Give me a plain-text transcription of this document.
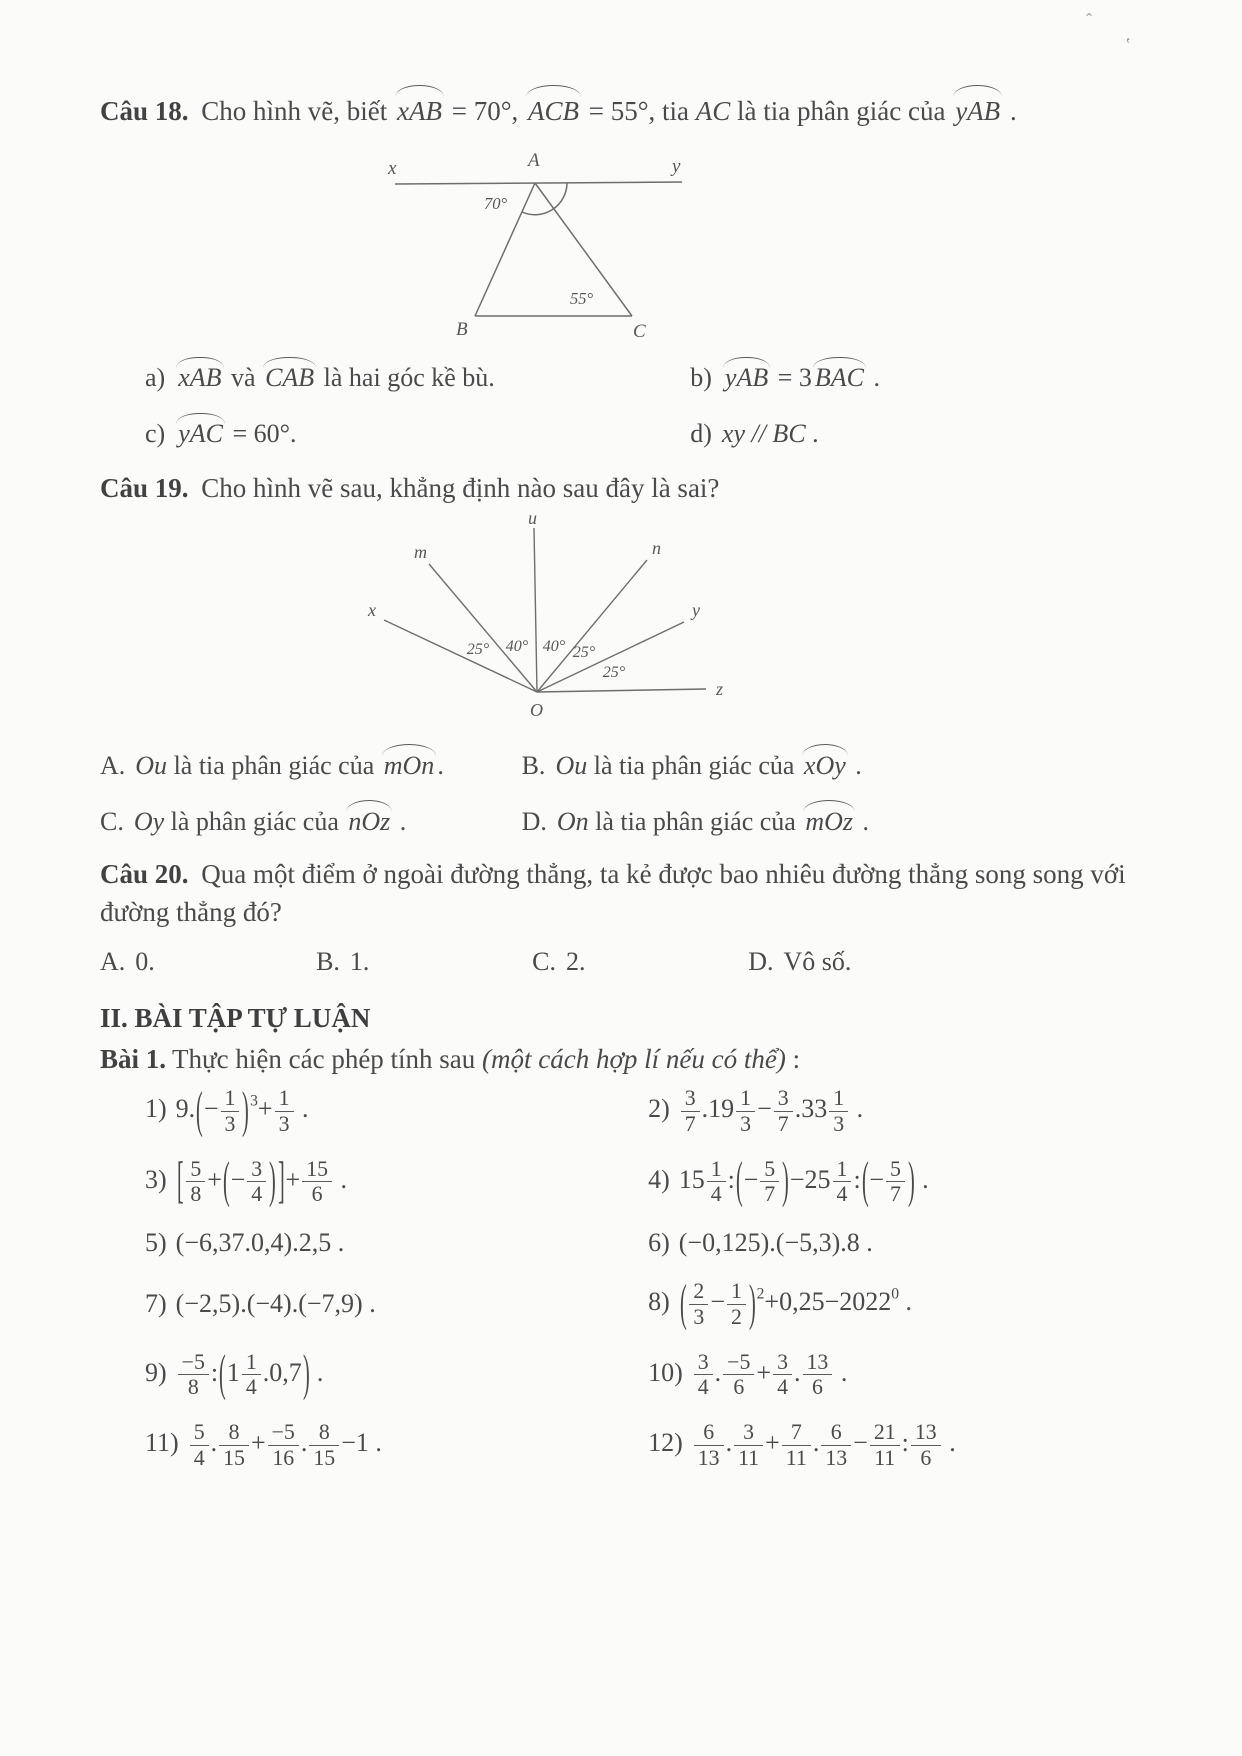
ˆ
ʽ

Câu 18. Cho hình vẽ, biết xAB = 70°, ACB = 55°, tia AC là tia phân giác của yAB .

x	A	y
B	C
70°
55°
a) xAB và CAB là hai góc kề bù.	b) yAB = 3 BAC .
c) yAC = 60°.	d) xy // BC .

Câu 19. Cho hình vẽ sau, khẳng định nào sau đây là sai?

u
m	n
x	y
z
O
25° 40° 40° 25°
25°
A. Ou là tia phân giác của mOn .	B. Ou là tia phân giác của xOy .
C. Oy là phân giác của nOz .	D. On là tia phân giác của mOz .

Câu 20. Qua một điểm ở ngoài đường thẳng, ta kẻ được bao nhiêu đường thẳng song song với đường thẳng đó?

A. 0.	B. 1.	C. 2.	D. Vô số.
II. BÀI TẬP TỰ LUẬN

Bài 1. Thực hiện các phép tính sau (một cách hợp lí nếu có thể) :

1) $9.(- \frac{1}{3} )^3+ \frac{1}{3}$ .	$2) \frac{3}{7} .19 \frac{1}{3} - \frac{3}{7} .33 \frac{1}{3}$ .
3) [ $\frac{5}{8}$ +(− $\frac{3}{4}$ )]+ $\frac{15}{6}$ .	4) $15 \frac{1}{4}$ :(− $\frac{5}{7} )-25 \frac{1}{4}$ :(− $\frac{5}{7}$ ) .
5) (−6,37.0,4).2,5 .	6) (−0,125).(−5,3).8 .
7) (−2,5).(−4).(−7,9) .	8) ( $\frac{2}{3} - \frac{1}{2} )^2+0,25-2022^0$ .
$9) \frac{-5}{8}$ :(1 $\frac{1}{4} .0,7$) .	$10) \frac{3}{4}$ . $\frac{-5}{6} + \frac{3}{4}$ . $\frac{13}{6}$ .
$11) \frac{5}{4}$ . $\frac{8}{15} + \frac{-5}{16}$ . $\frac{8}{15} -1$ .	$12) \frac{6}{13}$ . $\frac{3}{11} + \frac{7}{11}$ . $\frac{6}{13} - \frac{21}{11}$ : $\frac{13}{6}$ .
